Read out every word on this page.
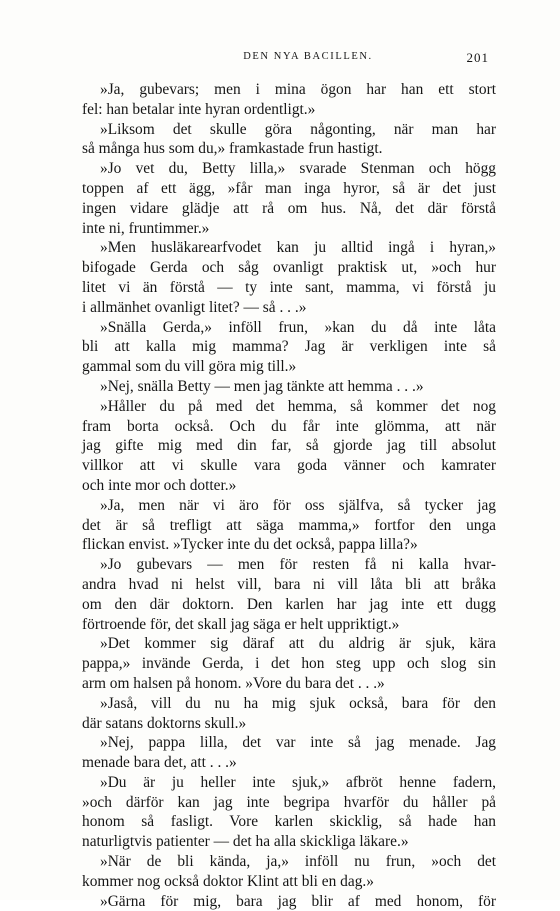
DEN NYA BACILLEN.	201
»Ja, gubevars; men i mina ögon har han ett stort
fel: han betalar inte hyran ordentligt.»
»Liksom det skulle göra någonting, när man har
så många hus som du,» framkastade frun hastigt.
»Jo vet du, Betty lilla,» svarade Stenman och högg
toppen af ett ägg, »får man inga hyror, så är det just
ingen vidare glädje att rå om hus. Nå, det där förstå
inte ni, fruntimmer.»
»Men husläkarearfvodet kan ju alltid ingå i hyran,»
bifogade Gerda och såg ovanligt praktisk ut, »och hur
litet vi än förstå — ty inte sant, mamma, vi förstå ju
i allmänhet ovanligt litet? — så . . .»
»Snälla Gerda,» inföll frun, »kan du då inte låta
bli att kalla mig mamma? Jag är verkligen inte så
gammal som du vill göra mig till.»
»Nej, snälla Betty — men jag tänkte att hemma . . .»
»Håller du på med det hemma, så kommer det nog
fram borta också. Och du får inte glömma, att när
jag gifte mig med din far, så gjorde jag till absolut
villkor att vi skulle vara goda vänner och kamrater
och inte mor och dotter.»
»Ja, men när vi äro för oss själfva, så tycker jag
det är så trefligt att säga mamma,» fortfor den unga
flickan envist. »Tycker inte du det också, pappa lilla?»
»Jo gubevars — men för resten få ni kalla hvar-
andra hvad ni helst vill, bara ni vill låta bli att bråka
om den där doktorn. Den karlen har jag inte ett dugg
förtroende för, det skall jag säga er helt uppriktigt.»
»Det kommer sig däraf att du aldrig är sjuk, kära
pappa,» invände Gerda, i det hon steg upp och slog sin
arm om halsen på honom. »Vore du bara det . . .»
»Jaså, vill du nu ha mig sjuk också, bara för den
där satans doktorns skull.»
»Nej, pappa lilla, det var inte så jag menade. Jag
menade bara det, att . . .»
»Du är ju heller inte sjuk,» afbröt henne fadern,
»och därför kan jag inte begripa hvarför du håller på
honom så fasligt. Vore karlen skicklig, så hade han
naturligtvis patienter — det ha alla skickliga läkare.»
»När de bli kända, ja,» inföll nu frun, »och det
kommer nog också doktor Klint att bli en dag.»
»Gärna för mig, bara jag blir af med honom, för
